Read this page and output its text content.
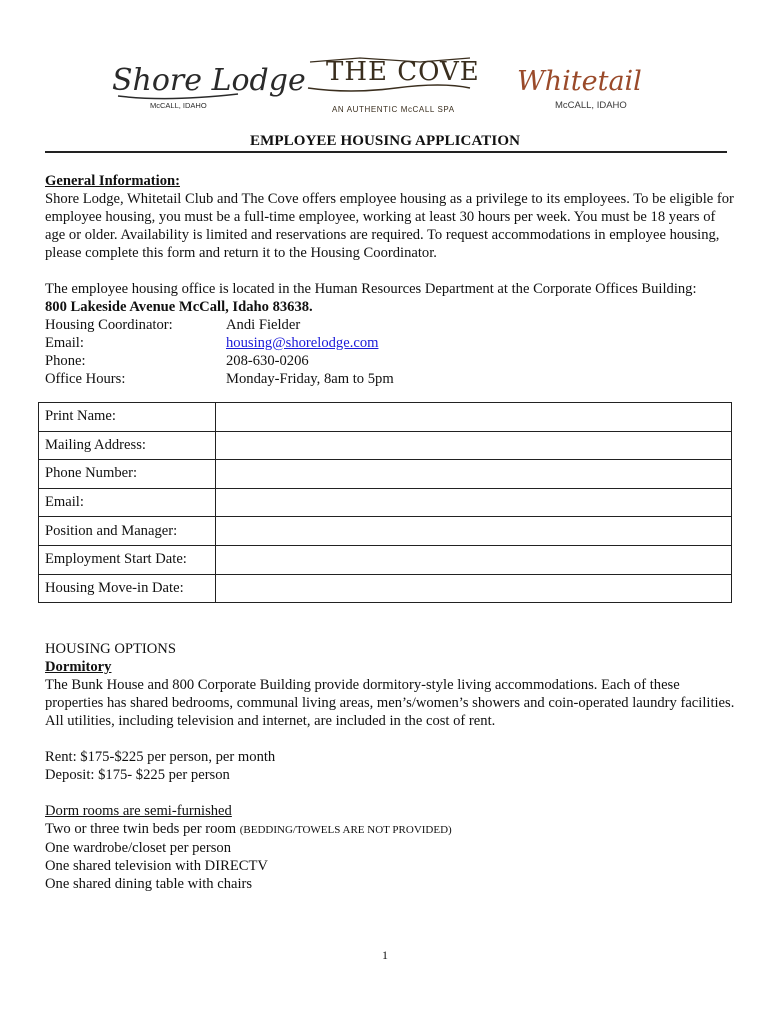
Shore Lodge
McCALL, IDAHO
THE COVE
AN AUTHENTIC McCALL SPA
Whitetail
McCALL, IDAHO
EMPLOYEE HOUSING APPLICATION

General Information:

Shore Lodge, Whitetail Club and The Cove offers employee housing as a privilege to its employees. To be eligible for employee housing, you must be a full-time employee, working at least 30 hours per week. You must be 18 years of age or older. Availability is limited and reservations are required. To request accommodations in employee housing, please complete this form and return it to the Housing Coordinator.

The employee housing office is located in the Human Resources Department at the Corporate Offices Building:

800 Lakeside Avenue McCall, Idaho 83638.

Housing Coordinator:	Andi Fielder
Email:	housing@shorelodge.com
Phone:	208-630-0206
Office Hours:	Monday-Friday, 8am to 5pm
Print Name:	
Mailing Address:	
Phone Number:	
Email:	
Position and Manager:	
Employment Start Date:	
Housing Move-in Date:	

HOUSING OPTIONS

Dormitory

The Bunk House and 800 Corporate Building provide dormitory-style living accommodations. Each of these properties has shared bedrooms, communal living areas, men’s/women’s showers and coin-operated laundry facilities. All utilities, including television and internet, are included in the cost of rent.

Rent: $175-$225 per person, per month

Deposit: $175- $225 per person

Dorm rooms are semi-furnished

Two or three twin beds per room (BEDDING/TOWELS ARE NOT PROVIDED)

One wardrobe/closet per person

One shared television with DIRECTV

One shared dining table with chairs

1
